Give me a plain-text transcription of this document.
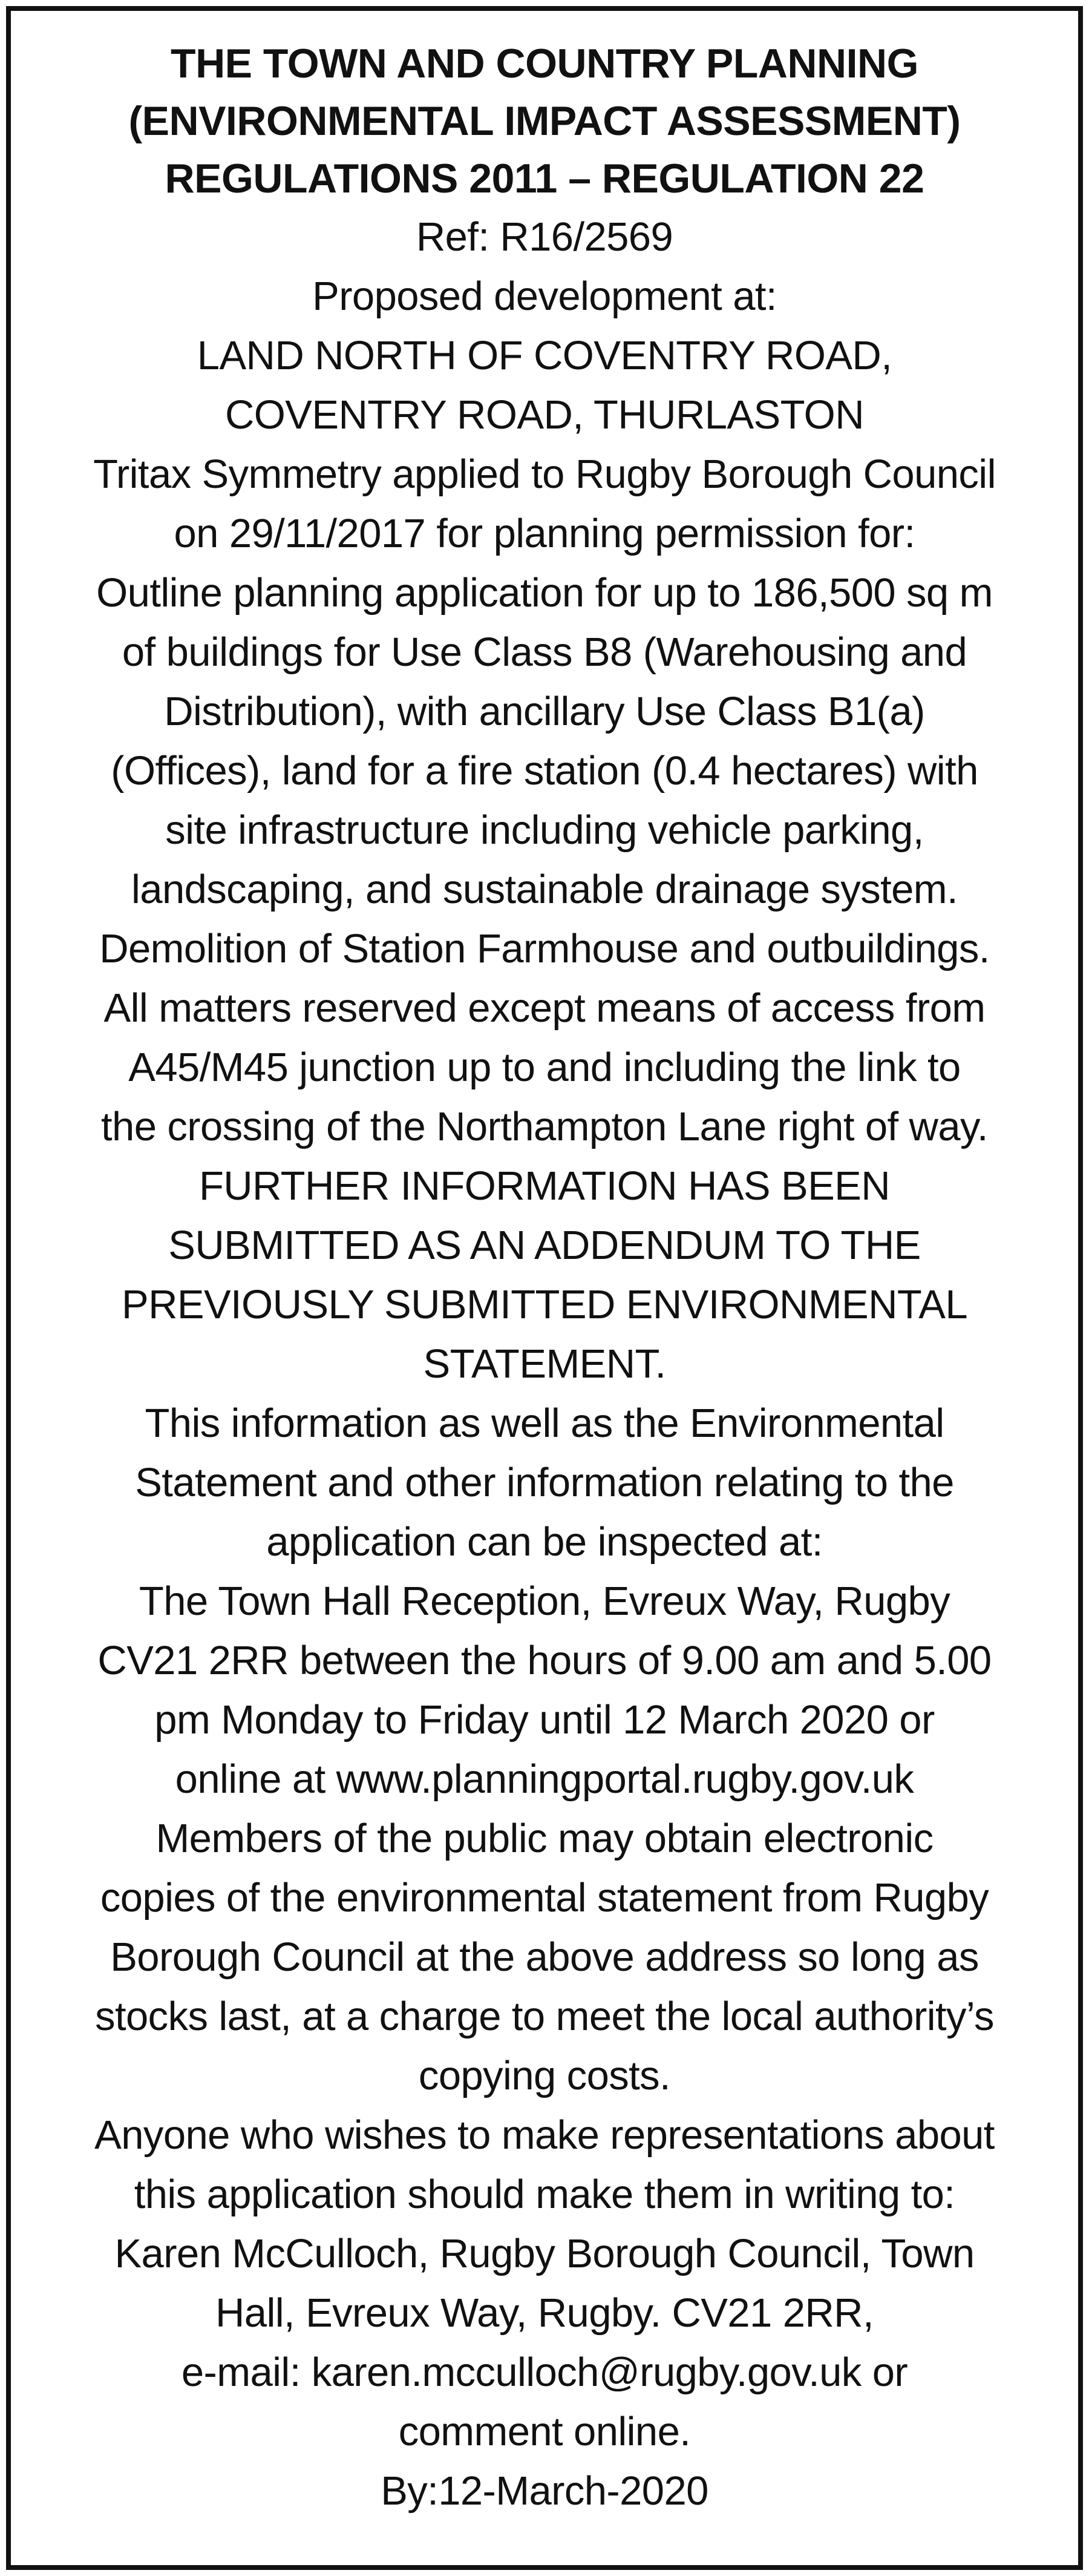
THE TOWN AND COUNTRY PLANNING

(ENVIRONMENTAL IMPACT ASSESSMENT)

REGULATIONS 2011 – REGULATION 22

Ref: R16/2569

Proposed development at:

LAND NORTH OF COVENTRY ROAD,

COVENTRY ROAD, THURLASTON

Tritax Symmetry applied to Rugby Borough Council

on 29/11/2017 for planning permission for:

Outline planning application for up to 186,500 sq m

of buildings for Use Class B8 (Warehousing and

Distribution), with ancillary Use Class B1(a)

(Offices), land for a fire station (0.4 hectares) with

site infrastructure including vehicle parking,

landscaping, and sustainable drainage system.

Demolition of Station Farmhouse and outbuildings.

All matters reserved except means of access from

A45/M45 junction up to and including the link to

the crossing of the Northampton Lane right of way.

FURTHER INFORMATION HAS BEEN

SUBMITTED AS AN ADDENDUM TO THE

PREVIOUSLY SUBMITTED ENVIRONMENTAL

STATEMENT.

This information as well as the Environmental

Statement and other information relating to the

application can be inspected at:

The Town Hall Reception, Evreux Way, Rugby

CV21 2RR between the hours of 9.00 am and 5.00

pm Monday to Friday until 12 March 2020 or

online at www.planningportal.rugby.gov.uk

Members of the public may obtain electronic

copies of the environmental statement from Rugby

Borough Council at the above address so long as

stocks last, at a charge to meet the local authority’s

copying costs.

Anyone who wishes to make representations about

this application should make them in writing to:

Karen McCulloch, Rugby Borough Council, Town

Hall, Evreux Way, Rugby. CV21 2RR,

e-mail: karen.mcculloch@rugby.gov.uk or

comment online.

By:12-March-2020
